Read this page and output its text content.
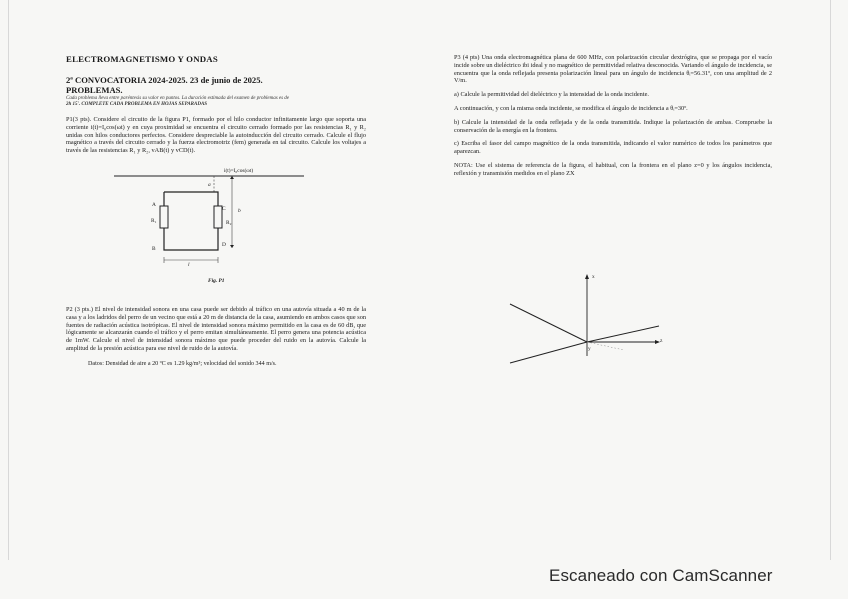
ELECTROMAGNETISMO Y ONDAS
2ª CONVOCATORIA 2024-2025. 23 de junio de 2025.
PROBLEMAS.
Cada problema lleva entre paréntesis su valor en puntos. La duración estimada del examen de problemas es de
2h 15'. COMPLETE CADA PROBLEMA EN HOJAS SEPARADAS
P1(3 pts). Considere el circuito de la figura P1, formado por el hilo conductor infinitamente largo que soporta una corriente i(t)=I₀cos(ωt) y en cuya proximidad se encuentra el circuito cerrado formado por las resistencias R₁ y R₂ unidas con hilos conductores perfectos. Considere despreciable la autoinducción del circuito cerrado. Calcule el flujo magnético a través del circuito cerrado y la fuerza electromotriz (fem) generada en tal circuito. Calcule los voltajes a través de las resistencias R₁ y R₂, vAB(t) y vCD(t).
i(t)=I₀cos(ωt)
A
R₁
B
C
R₂
D
a
b
l
Fig. P1
P2 (3 pts.) El nivel de intensidad sonora en una casa puede ser debido al tráfico en una autovía situada a 40 m de la casa y a los ladridos del perro de un vecino que está a 20 m de distancia de la casa, asumiendo en ambos casos que son fuentes de radiación acústica isotrópicas. El nivel de intensidad sonora máximo permitido en la casa es de 60 dB, que lógicamente se alcanzarán cuando el tráfico y el perro emitan simultáneamente. El perro genera una potencia acústica de 1mW. Calcule el nivel de intensidad sonora máximo que puede proceder del ruido en la autovía. Calcule la amplitud de la presión acústica para ese nivel de ruido de la autovía.
Datos: Densidad de aire a 20 ºC es 1.29 kg/m³; velocidad del sonido 344 m/s.
P3 (4 pts) Una onda electromagnética plana de 600 MHz, con polarización circular dextrógira, que se propaga por el vacío incide sobre un dieléctrico ibi ideal y no magnético de permitividad relativa desconocida. Variando el ángulo de incidencia, se encuentra que la onda reflejada presenta polarización lineal para un ángulo de incidencia θᵢ=56.31º, con una amplitud de 2 V/m.
a) Calcule la permitividad del dieléctrico y la intensidad de la onda incidente.
A continuación, y con la misma onda incidente, se modifica el ángulo de incidencia a θᵢ=30º.
b) Calcule la intensidad de la onda reflejada y de la onda transmitida. Indique la polarización de ambas. Compruebe la conservación de la energía en la frontera.
c) Escriba el fasor del campo magnético de la onda transmitida, indicando el valor numérico de todos los parámetros que aparezcan.
NOTA: Use el sistema de referencia de la figura, el habitual, con la frontera en el plano z=0 y los ángulos incidencia, reflexión y transmisión medidos en el plano ZX
x
z
y
Escaneado con CamScanner
